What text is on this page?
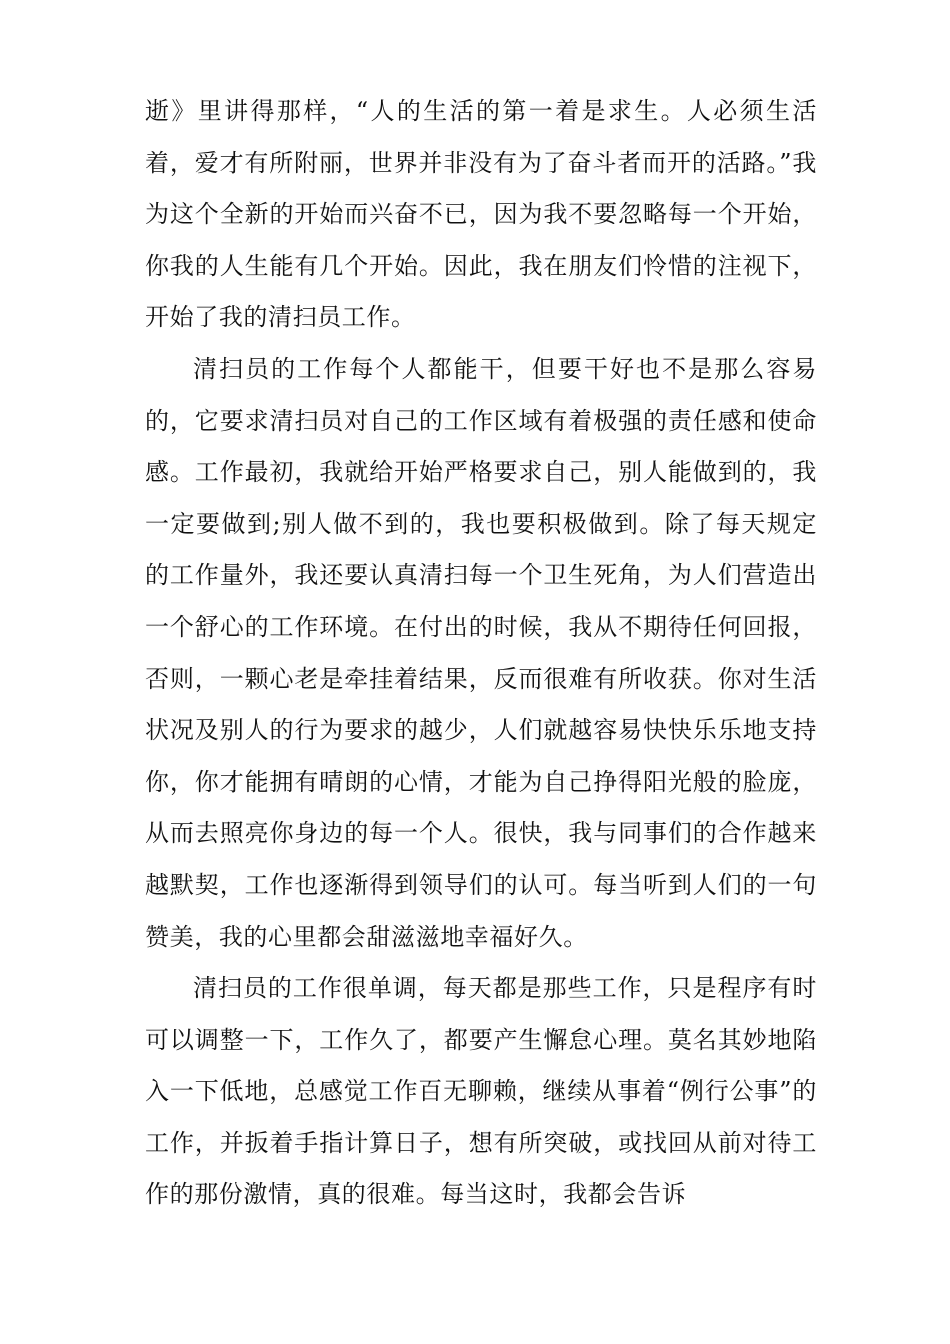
逝》里讲得那样，“人的生活的第一着是求生。人必须生活着，爱才有所附丽，世界并非没有为了奋斗者而开的活路。”我为这个全新的开始而兴奋不已，因为我不要忽略每一个开始，你我的人生能有几个开始。因此，我在朋友们怜惜的注视下，开始了我的清扫员工作。

清扫员的工作每个人都能干，但要干好也不是那么容易的，它要求清扫员对自己的工作区域有着极强的责任感和使命感。工作最初，我就给开始严格要求自己，别人能做到的，我一定要做到;别人做不到的，我也要积极做到。除了每天规定的工作量外，我还要认真清扫每一个卫生死角，为人们营造出一个舒心的工作环境。在付出的时候，我从不期待任何回报，否则，一颗心老是牵挂着结果，反而很难有所收获。你对生活状况及别人的行为要求的越少，人们就越容易快快乐乐地支持你，你才能拥有晴朗的心情，才能为自己挣得阳光般的脸庞，从而去照亮你身边的每一个人。很快，我与同事们的合作越来越默契，工作也逐渐得到领导们的认可。每当听到人们的一句赞美，我的心里都会甜滋滋地幸福好久。

清扫员的工作很单调，每天都是那些工作，只是程序有时可以调整一下，工作久了，都要产生懈怠心理。莫名其妙地陷入一下低地，总感觉工作百无聊赖，继续从事着“例行公事”的工作，并扳着手指计算日子，想有所突破，或找回从前对待工作的那份激情，真的很难。每当这时，我都会告诉
